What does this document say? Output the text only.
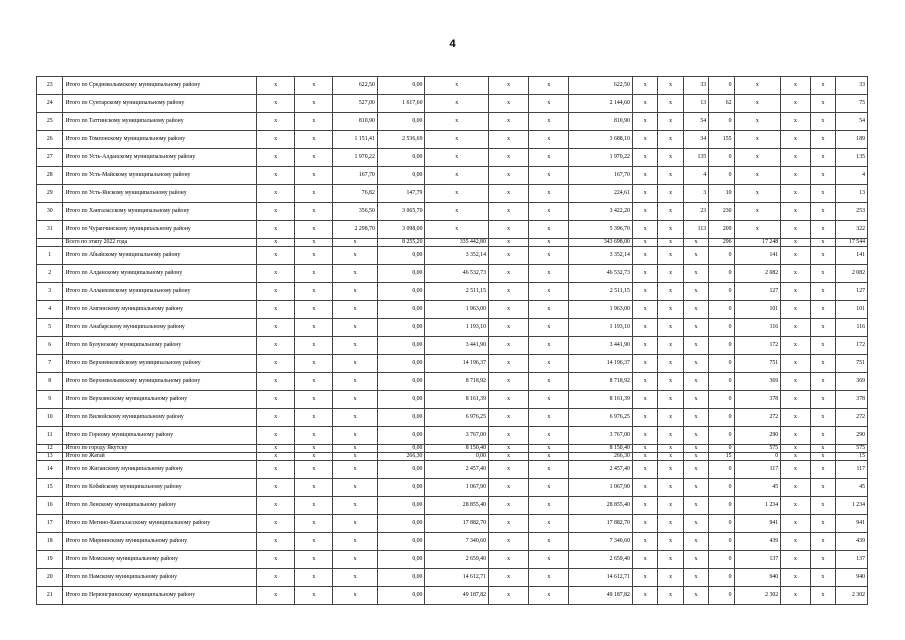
4
23	Итого по Среднеколымскому муниципальному району	х	х	622,50	0,00	х	х	х	622,50	х	х	33	0	х	х	х	33
24	Итого по Сунтарскому муниципальному району	х	х	527,00	1 617,60	х	х	х	2 144,60	х	х	13	62	х	х	х	75
25	Итого по Таттинскому муниципальному району	х	х	810,90	0,00	х	х	х	810,90	х	х	54	0	х	х	х	54
26	Итого по Томпонскому муниципальному району	х	х	1 151,41	2 536,69	х	х	х	3 688,10	х	х	34	155	х	х	х	189
27	Итого по Усть-Алданскому муниципальному району	х	х	1 970,22	0,00	х	х	х	1 970,22	х	х	135	0	х	х	х	135
28	Итого по Усть-Майскому муниципальному району	х	х	167,70	0,00	х	х	х	167,70	х	х	4	0	х	х	х	4
29	Итого по Усть-Янскому муниципальному району	х	х	76,82	147,79	х	х	х	224,61	х	х	3	10	х	х	х	13
30	Итого по Хангаласскому муниципальному району	х	х	356,50	3 065,70	х	х	х	3 422,20	х	х	23	230	х	х	х	253
31	Итого по Чурапчинскому муниципальному району	х	х	2 298,70	3 098,00	х	х	х	5 396,70	х	х	113	209	х	х	х	322
	Всего по этапу 2022 года	х	х	х	8 255,20	335 442,80	х	х	343 698,00	х	х	х	296	17 248	х	х	17 544
1	Итого по Абыйскому муниципальному району	х	х	х	0,00	3 352,14	х	х	3 352,14	х	х	х	0	141	х	х	141
2	Итого по Алданскому муниципальному району	х	х	х	0,00	46 532,73	х	х	46 532,73	х	х	х	0	2 082	х	х	2 082
3	Итого по Аллаиховскому муниципальному району	х	х	х	0,00	2 511,15	х	х	2 511,15	х	х	х	0	127	х	х	127
4	Итого по Амгинскому муниципальному району	х	х	х	0,00	1 963,00	х	х	1 963,00	х	х	х	0	101	х	х	101
5	Итого по Анабарскому муниципальному району	х	х	х	0,00	1 193,10	х	х	1 193,10	х	х	х	0	116	х	х	116
6	Итого по Булунскому муниципальному району	х	х	х	0,00	3 441,90	х	х	3 441,90	х	х	х	0	172	х	х	172
7	Итого по Верхневилюйскому муниципальному району	х	х	х	0,00	14 196,37	х	х	14 196,37	х	х	х	0	751	х	х	751
8	Итого по Верхнеколымскому муниципальному району	х	х	х	0,00	8 718,92	х	х	8 718,92	х	х	х	0	369	х	х	369
9	Итого по Верхоянскому муниципальному району	х	х	х	0,00	8 161,39	х	х	8 161,39	х	х	х	0	378	х	х	378
10	Итого по Вилюйскому муниципальному району	х	х	х	0,00	6 976,25	х	х	6 976,25	х	х	х	0	272	х	х	272
11	Итого по Горному муниципальному району	х	х	х	0,00	3 767,00	х	х	3 767,00	х	х	х	0	290	х	х	290
12	Итого по городу Якутску	х	х	х	0,00	8 150,40	х	х	8 150,40	х	х	х	0	575	х	х	575
13	Итого по Жатай	х	х	х	266,30	0,00	х	х	266,30	х	х	х	15	0	х	х	15
14	Итого по Жиганскому муниципальному району	х	х	х	0,00	2 457,40	х	х	2 457,40	х	х	х	0	117	х	х	117
15	Итого по Кобяйскому муниципальному району	х	х	х	0,00	1 067,90	х	х	1 067,90	х	х	х	0	45	х	х	45
16	Итого по Ленскому муниципальному району	х	х	х	0,00	28 855,40	х	х	28 855,40	х	х	х	0	1 234	х	х	1 234
17	Итого по Мегино-Кангаласскому муниципальному району	х	х	х	0,00	17 882,70	х	х	17 882,70	х	х	х	0	941	х	х	941
18	Итого по Мирнинскому муниципальному району	х	х	х	0,00	7 340,60	х	х	7 340,60	х	х	х	0	439	х	х	439
19	Итого по Момскому муниципальному району	х	х	х	0,00	2 659,40	х	х	2 659,40	х	х	х	0	137	х	х	137
20	Итого по Намскому муниципальному району	х	х	х	0,00	14 612,71	х	х	14 612,71	х	х	х	0	940	х	х	940
21	Итого по Нерюнгринскому муниципальному району	х	х	х	0,00	49 187,82	х	х	49 187,82	х	х	х	0	2 302	х	х	2 302
